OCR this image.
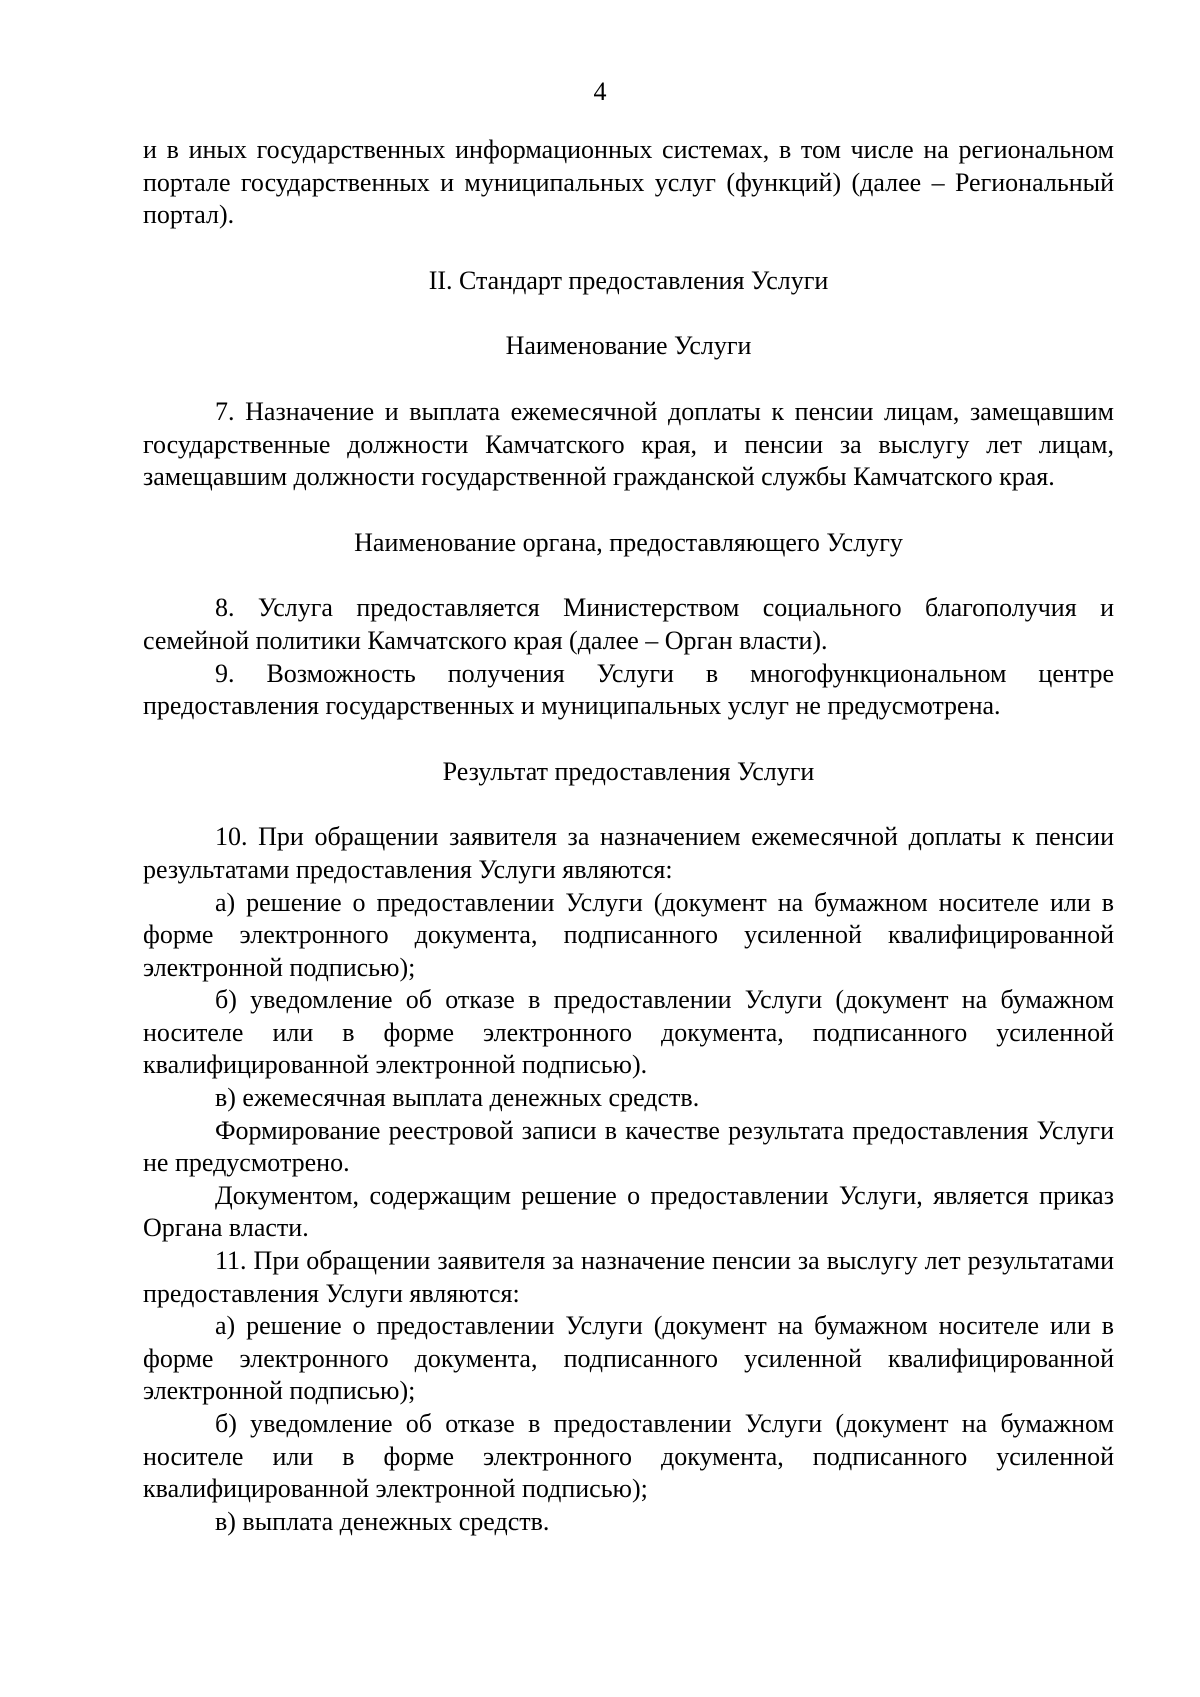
4

и в иных государственных информационных системах, в том числе на региональном портале государственных и муниципальных услуг (функций) (далее – Региональный портал).

II. Стандарт предоставления Услуги

Наименование Услуги

7. Назначение и выплата ежемесячной доплаты к пенсии лицам, замещавшим государственные должности Камчатского края, и пенсии за выслугу лет лицам, замещавшим должности государственной гражданской службы Камчатского края.

Наименование органа, предоставляющего Услугу

8. Услуга предоставляется Министерством социального благополучия и семейной политики Камчатского края (далее – Орган власти).

9. Возможность получения Услуги в многофункциональном центре предоставления государственных и муниципальных услуг не предусмотрена.

Результат предоставления Услуги

10. При обращении заявителя за назначением ежемесячной доплаты к пенсии результатами предоставления Услуги являются:

а) решение о предоставлении Услуги (документ на бумажном носителе или в форме электронного документа, подписанного усиленной квалифицированной электронной подписью);

б) уведомление об отказе в предоставлении Услуги (документ на бумажном носителе или в форме электронного документа, подписанного усиленной квалифицированной электронной подписью).

в) ежемесячная выплата денежных средств.

Формирование реестровой записи в качестве результата предоставления Услуги не предусмотрено.

Документом, содержащим решение о предоставлении Услуги, является приказ Органа власти.

11. При обращении заявителя за назначение пенсии за выслугу лет результатами предоставления Услуги являются:

а) решение о предоставлении Услуги (документ на бумажном носителе или в форме электронного документа, подписанного усиленной квалифицированной электронной подписью);

б) уведомление об отказе в предоставлении Услуги (документ на бумажном носителе или в форме электронного документа, подписанного усиленной квалифицированной электронной подписью);

в) выплата денежных средств.
